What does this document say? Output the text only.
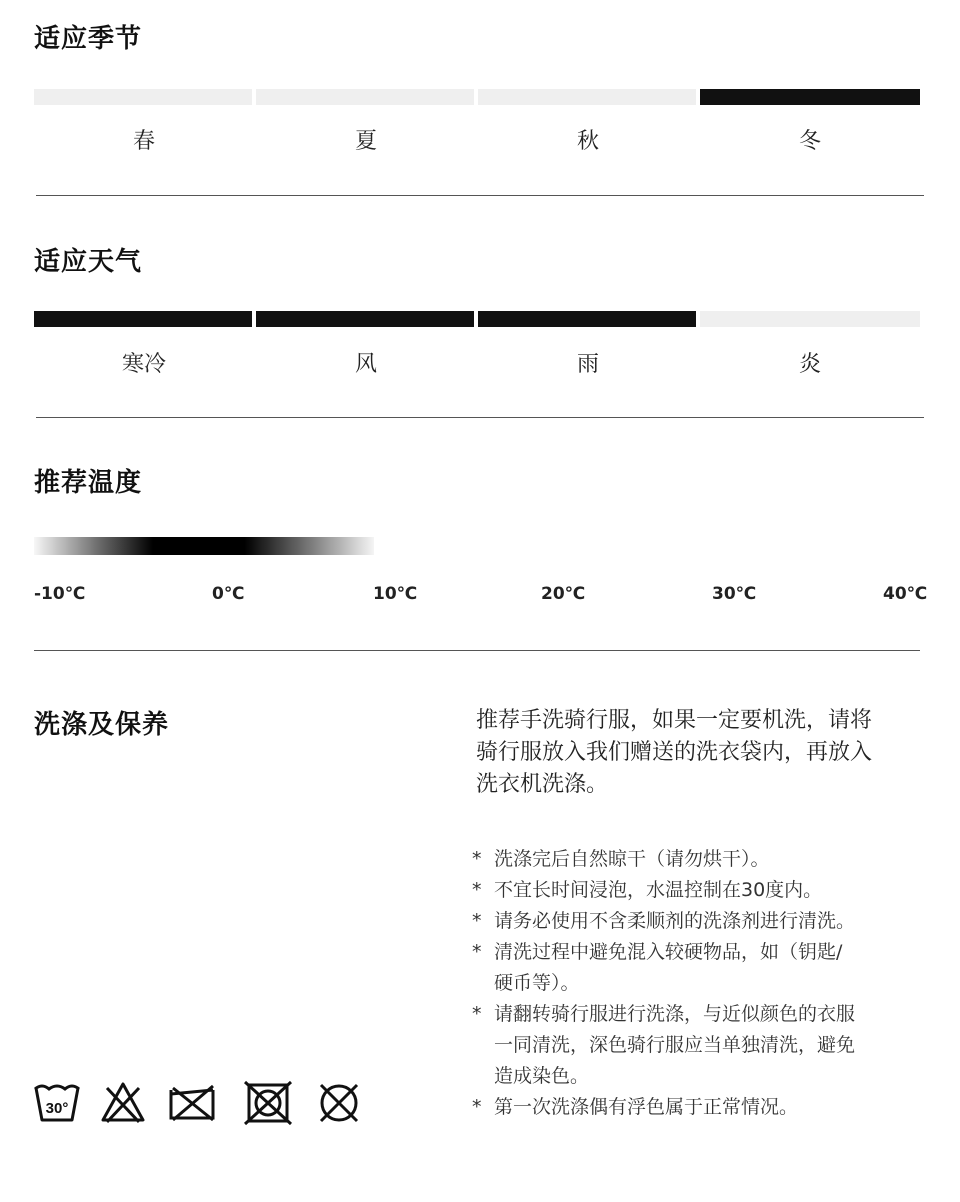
适应季节
春	夏	秋	冬
适应天气
寒冷	风	雨	炎
推荐温度
-10℃	0℃	10℃	20℃	30℃	40℃
洗涤及保养	推荐手洗骑行服，如果一定要机洗，请将
骑行服放入我们赠送的洗衣袋内，再放入
洗衣机洗涤。
* 洗涤完后自然晾干（请勿烘干）。
* 不宜长时间浸泡，水温控制在30度内。
* 请务必使用不含柔顺剂的洗涤剂进行清洗。
* 清洗过程中避免混入较硬物品，如（钥匙/
硬币等）。
* 请翻转骑行服进行洗涤，与近似颜色的衣服
一同清洗，深色骑行服应当单独清洗，避免
造成染色。
* 第一次洗涤偶有浮色属于正常情况。
30°
